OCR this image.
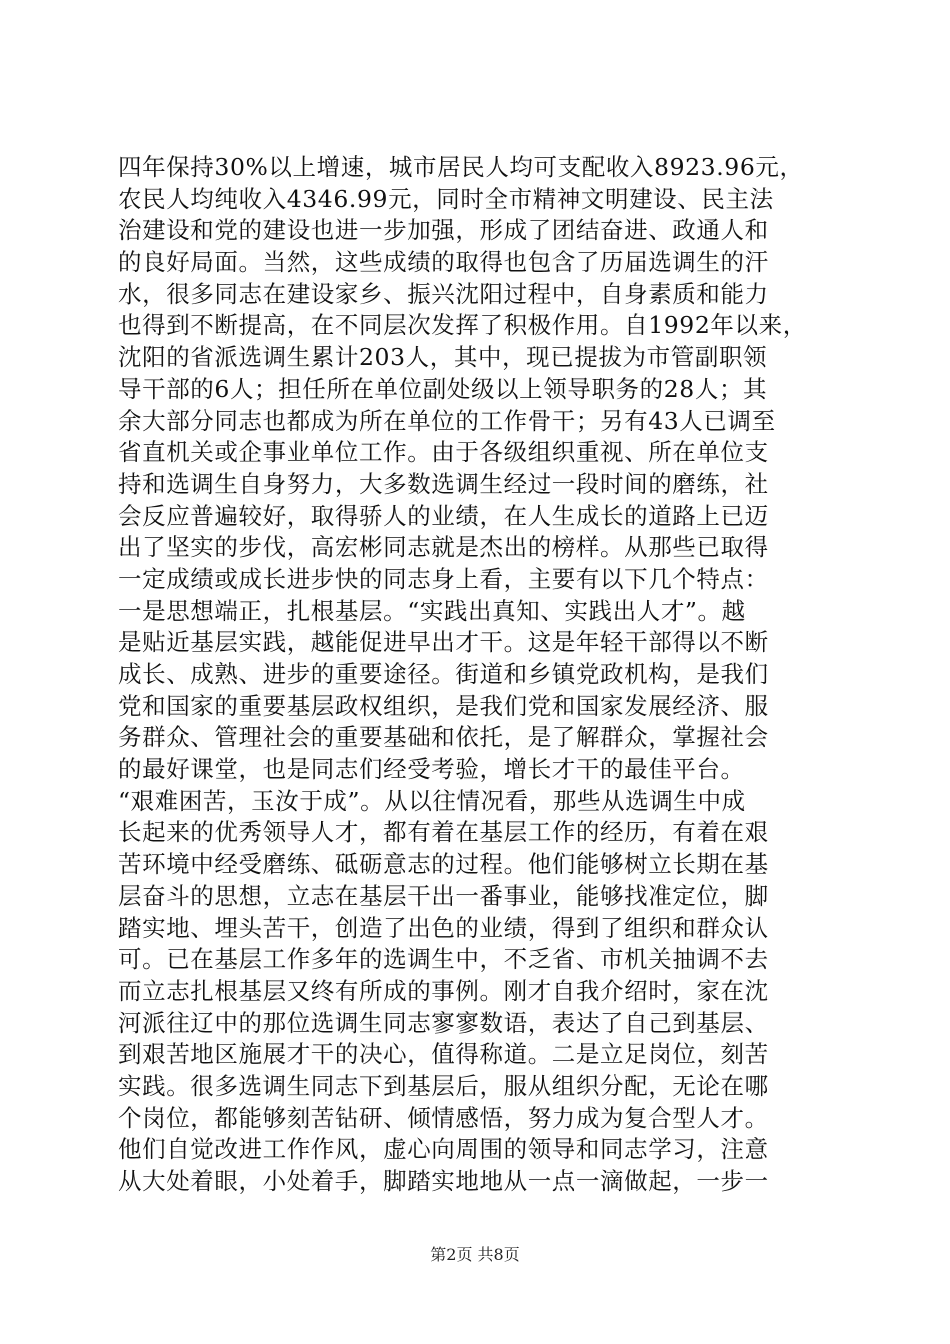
四年保持30%以上增速，城市居民人均可支配收入8923.96元，
农民人均纯收入4346.99元，同时全市精神文明建设、民主法
治建设和党的建设也进一步加强，形成了团结奋进、政通人和
的良好局面。当然，这些成绩的取得也包含了历届选调生的汗
水，很多同志在建设家乡、振兴沈阳过程中，自身素质和能力
也得到不断提高，在不同层次发挥了积极作用。自1992年以来，
沈阳的省派选调生累计203人，其中，现已提拔为市管副职领
导干部的6人；担任所在单位副处级以上领导职务的28人；其
余大部分同志也都成为所在单位的工作骨干；另有43人已调至
省直机关或企事业单位工作。由于各级组织重视、所在单位支
持和选调生自身努力，大多数选调生经过一段时间的磨练，社
会反应普遍较好，取得骄人的业绩，在人生成长的道路上已迈
出了坚实的步伐，高宏彬同志就是杰出的榜样。从那些已取得
一定成绩或成长进步快的同志身上看，主要有以下几个特点：
一是思想端正，扎根基层。“实践出真知、实践出人才”。越
是贴近基层实践，越能促进早出才干。这是年轻干部得以不断
成长、成熟、进步的重要途径。街道和乡镇党政机构，是我们
党和国家的重要基层政权组织，是我们党和国家发展经济、服
务群众、管理社会的重要基础和依托，是了解群众，掌握社会
的最好课堂，也是同志们经受考验，增长才干的最佳平台。
“艰难困苦，玉汝于成”。从以往情况看，那些从选调生中成
长起来的优秀领导人才，都有着在基层工作的经历，有着在艰
苦环境中经受磨练、砥砺意志的过程。他们能够树立长期在基
层奋斗的思想，立志在基层干出一番事业，能够找准定位，脚
踏实地、埋头苦干，创造了出色的业绩，得到了组织和群众认
可。已在基层工作多年的选调生中，不乏省、市机关抽调不去
而立志扎根基层又终有所成的事例。刚才自我介绍时，家在沈
河派往辽中的那位选调生同志寥寥数语，表达了自己到基层、
到艰苦地区施展才干的决心，值得称道。二是立足岗位，刻苦
实践。很多选调生同志下到基层后，服从组织分配，无论在哪
个岗位，都能够刻苦钻研、倾情感悟，努力成为复合型人才。
他们自觉改进工作作风，虚心向周围的领导和同志学习，注意
从大处着眼，小处着手，脚踏实地地从一点一滴做起，一步一
第2页 共8页
